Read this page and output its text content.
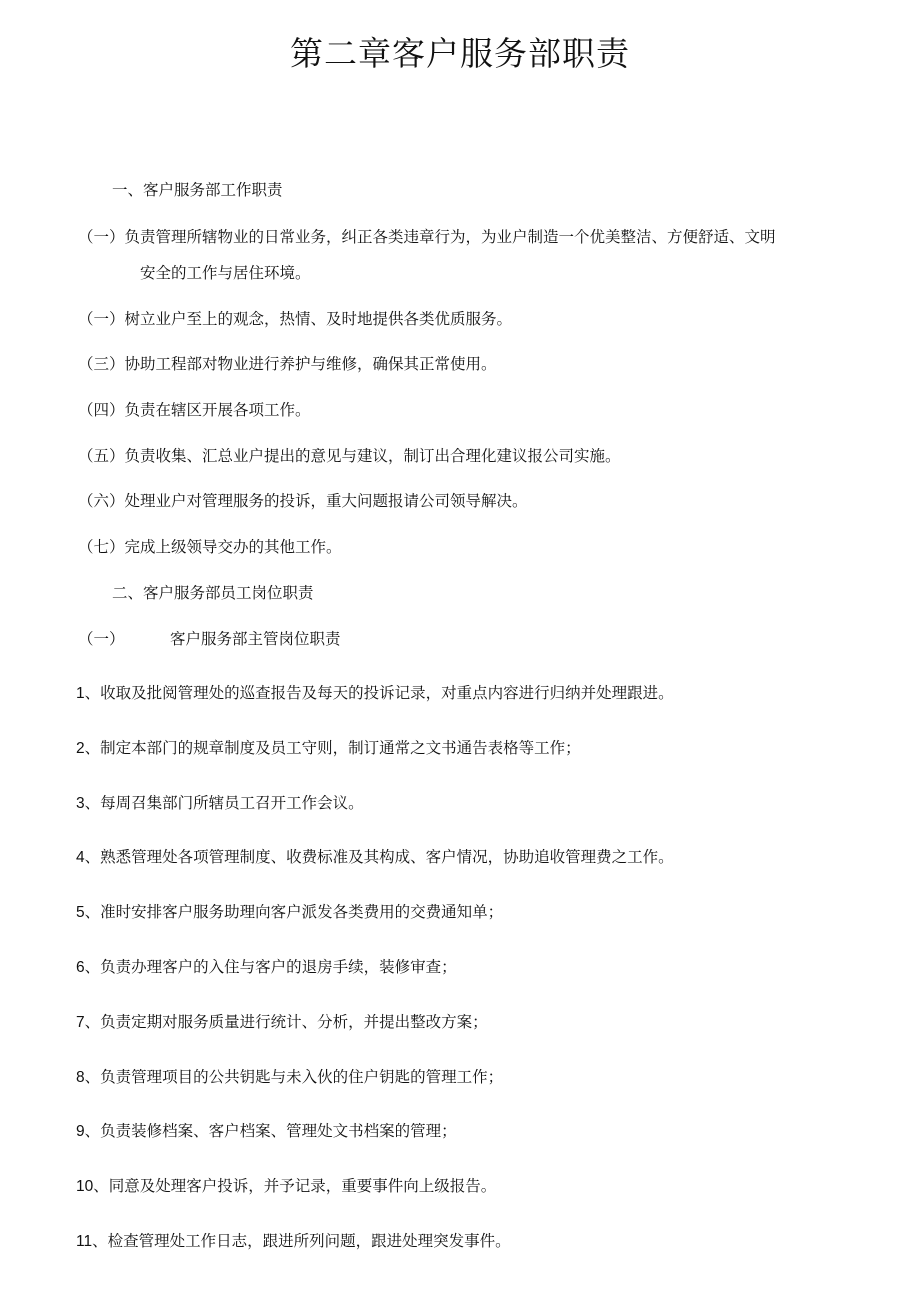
第二章客户服务部职责
一、客户服务部工作职责
（一）负责管理所辖物业的日常业务，纠正各类违章行为，为业户制造一个优美整洁、方便舒适、文明
安全的工作与居住环境。
（一）树立业户至上的观念，热情、及时地提供各类优质服务。
（三）协助工程部对物业进行养护与维修，确保其正常使用。
（四）负责在辖区开展各项工作。
（五）负责收集、汇总业户提出的意见与建议，制订出合理化建议报公司实施。
（六）处理业户对管理服务的投诉，重大问题报请公司领导解决。
（七）完成上级领导交办的其他工作。
二、客户服务部员工岗位职责
（一）	客户服务部主管岗位职责
1、收取及批阅管理处的巡查报告及每天的投诉记录，对重点内容进行归纳并处理跟进。
2、制定本部门的规章制度及员工守则，制订通常之文书通告表格等工作；
3、每周召集部门所辖员工召开工作会议。
4、熟悉管理处各项管理制度、收费标准及其构成、客户情况，协助追收管理费之工作。
5、准时安排客户服务助理向客户派发各类费用的交费通知单；
6、负责办理客户的入住与客户的退房手续，装修审查；
7、负责定期对服务质量进行统计、分析，并提出整改方案；
8、负责管理项目的公共钥匙与未入伙的住户钥匙的管理工作；
9、负责装修档案、客户档案、管理处文书档案的管理；
10、同意及处理客户投诉，并予记录，重要事件向上级报告。
11、检查管理处工作日志，跟进所列问题，跟进处理突发事件。
